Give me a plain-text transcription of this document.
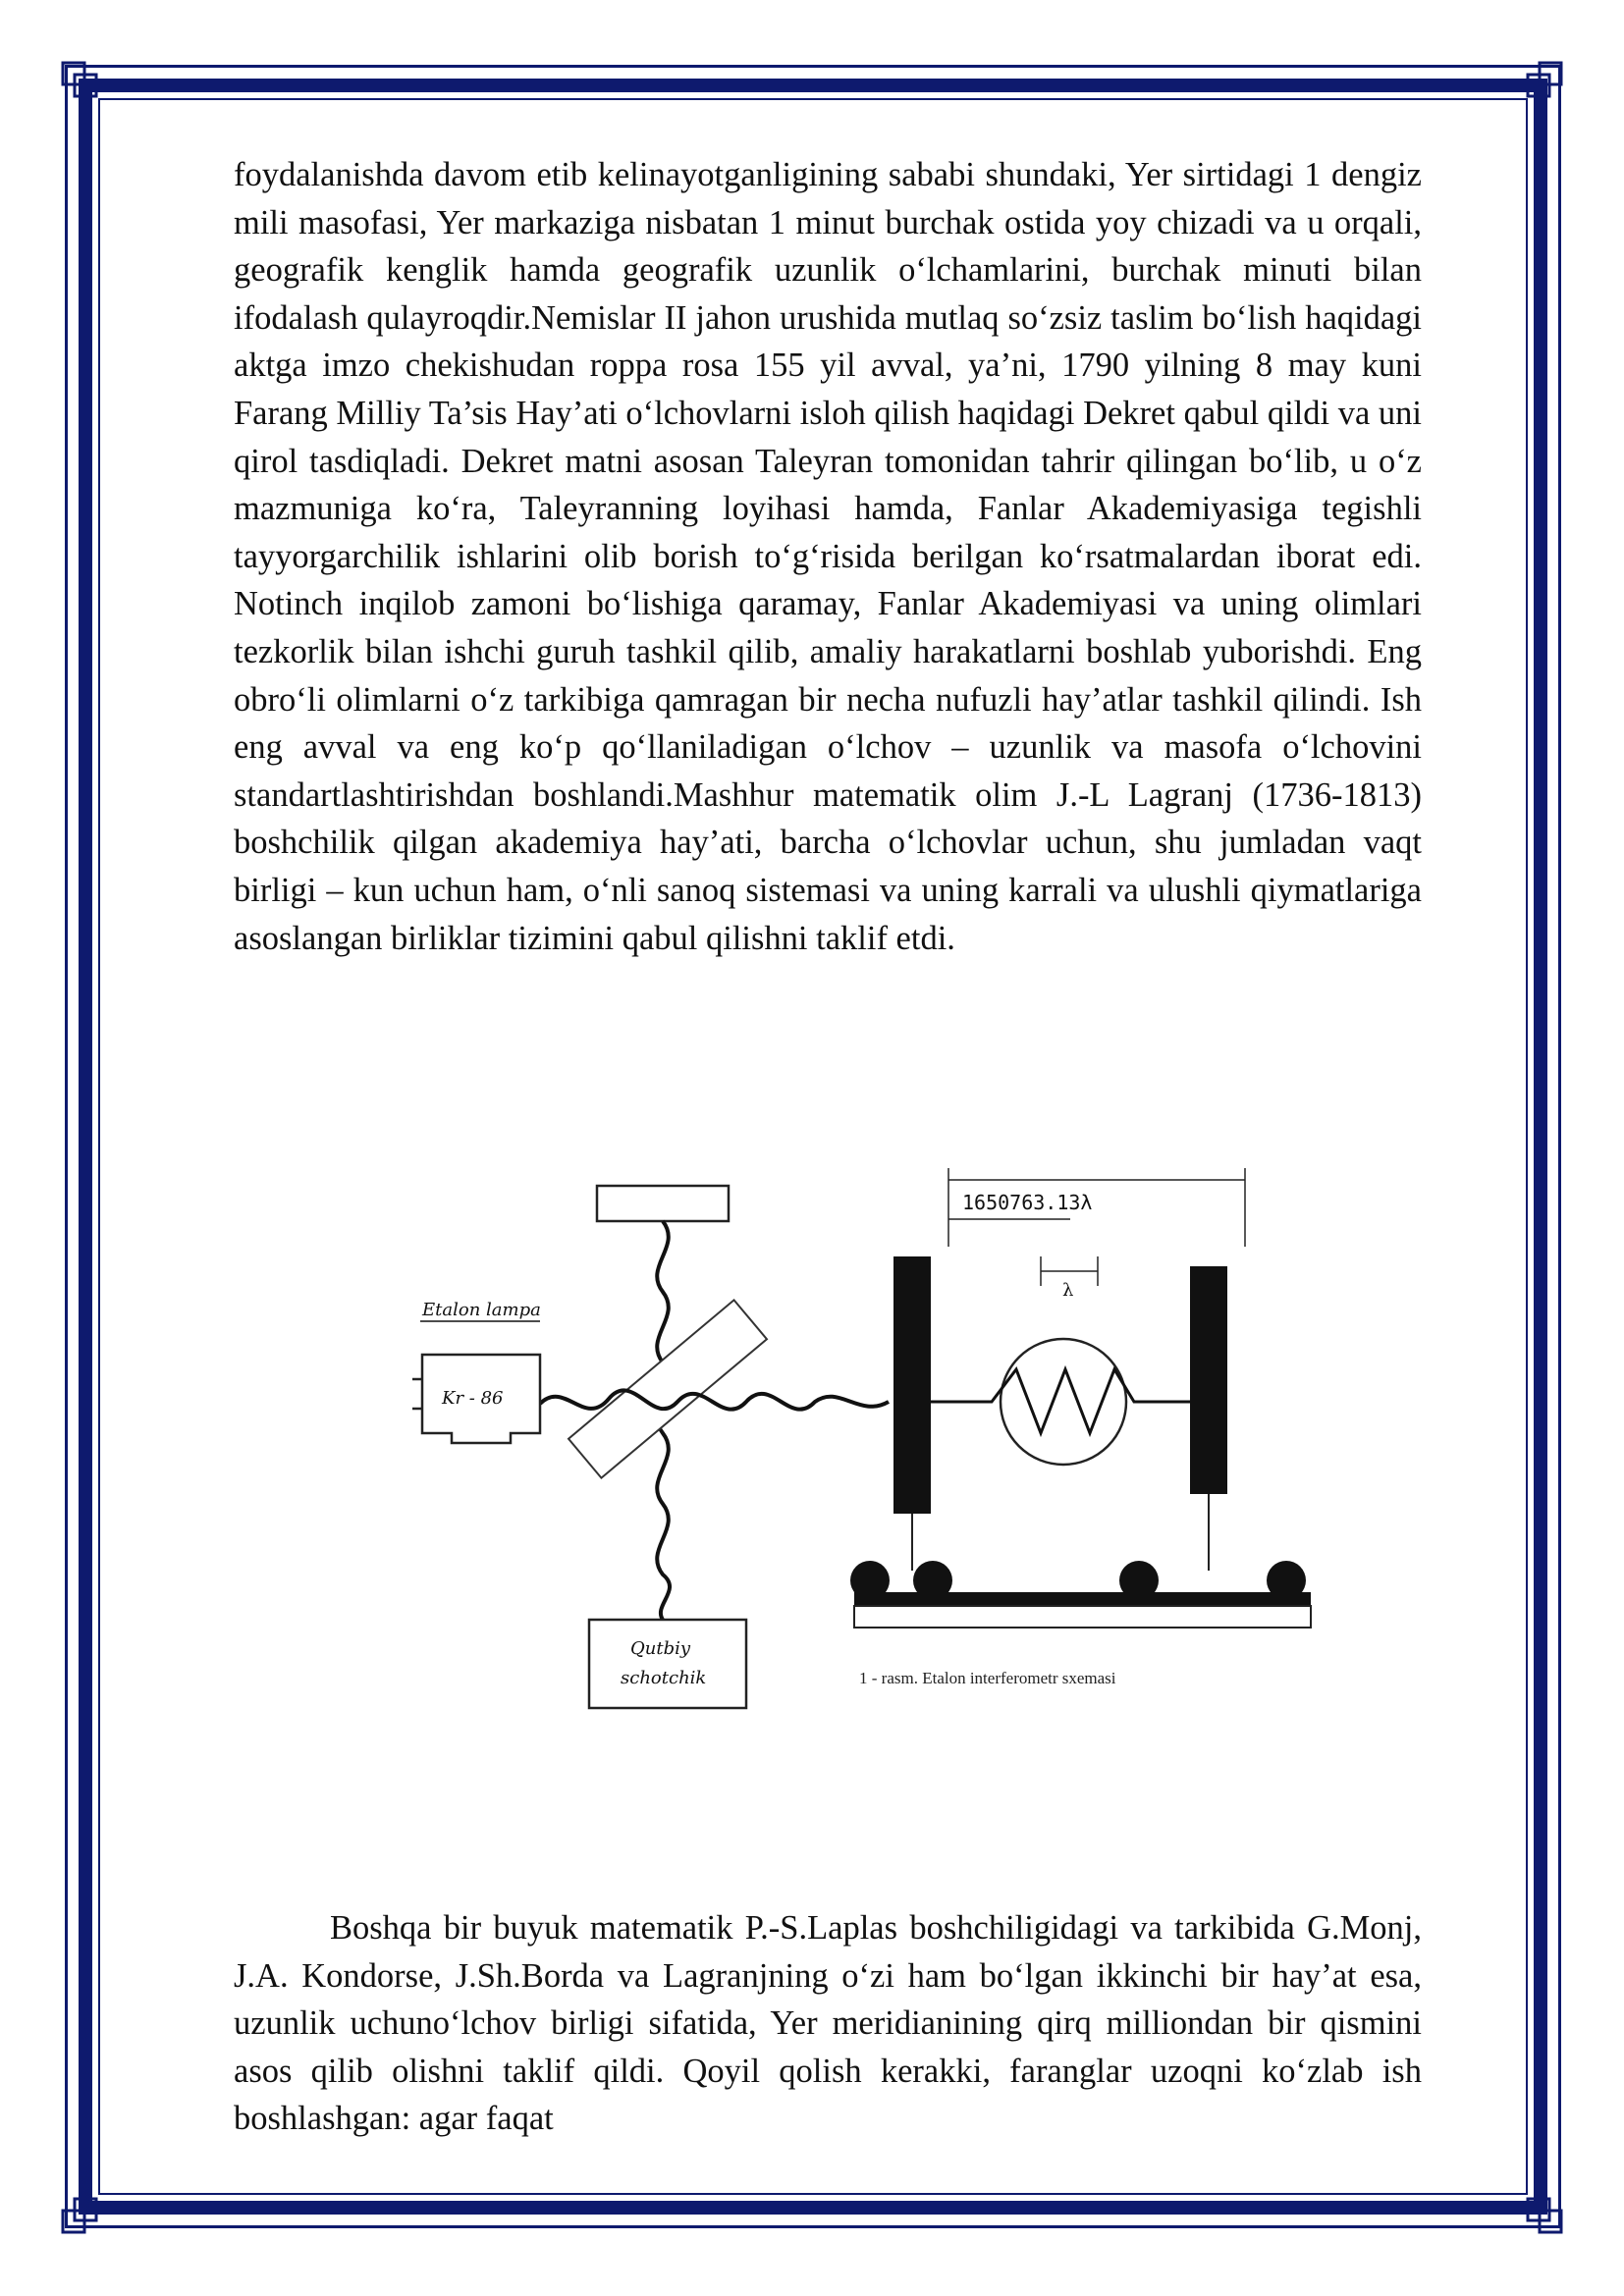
foydalanishda davom etib kelinayotganligining sababi shundaki, Yer sirtidagi 1 dengiz mili masofasi, Yer markaziga nisbatan 1 minut burchak ostida yoy chizadi va u orqali, geografik kenglik hamda geografik uzunlik o‘lchamlarini, burchak minuti bilan ifodalash qulayroqdir.Nemislar II jahon urushida mutlaq so‘zsiz taslim bo‘lish haqidagi aktga imzo chekishudan roppa rosa 155 yil avval, ya’ni, 1790 yilning 8 may kuni Farang Milliy Ta’sis Hay’ati o‘lchovlarni isloh qilish haqidagi Dekret qabul qildi va uni qirol tasdiqladi. Dekret matni asosan Taleyran tomonidan tahrir qilingan bo‘lib, u o‘z mazmuniga ko‘ra, Taleyranning loyihasi hamda, Fanlar Akademiyasiga tegishli tayyorgarchilik ishlarini olib borish to‘g‘risida berilgan ko‘rsatmalardan iborat edi. Notinch inqilob zamoni bo‘lishiga qaramay, Fanlar Akademiyasi va uning olimlari tezkorlik bilan ishchi guruh tashkil qilib, amaliy harakatlarni boshlab yuborishdi. Eng obro‘li olimlarni o‘z tarkibiga qamragan bir necha nufuzli hay’atlar tashkil qilindi. Ish eng avval va eng ko‘p qo‘llaniladigan o‘lchov – uzunlik va masofa o‘lchovini standartlashtirishdan boshlandi.Mashhur matematik olim J.-L Lagranj (1736-1813) boshchilik qilgan akademiya hay’ati, barcha o‘lchovlar uchun, shu jumladan vaqt birligi – kun uchun ham, o‘nli sanoq sistemasi va uning karrali va ulushli qiymatlariga asoslangan birliklar tizimini qabul qilishni taklif etdi.

Etalon lampa
Kr - 86
Qutbiy
schotchik
λ
1650763.13λ
1 - rasm. Etalon interferometr sxemasi

Boshqa bir buyuk matematik P.-S.Laplas boshchiligidagi va tarkibida G.Monj, J.A. Kondorse, J.Sh.Borda va Lagranjning o‘zi ham bo‘lgan ikkinchi bir hay’at esa, uzunlik uchuno‘lchov birligi sifatida, Yer meridianining qirq milliondan bir qismini asos qilib olishni taklif qildi. Qoyil qolish kerakki, faranglar uzoqni ko‘zlab ish boshlashgan: agar faqat
